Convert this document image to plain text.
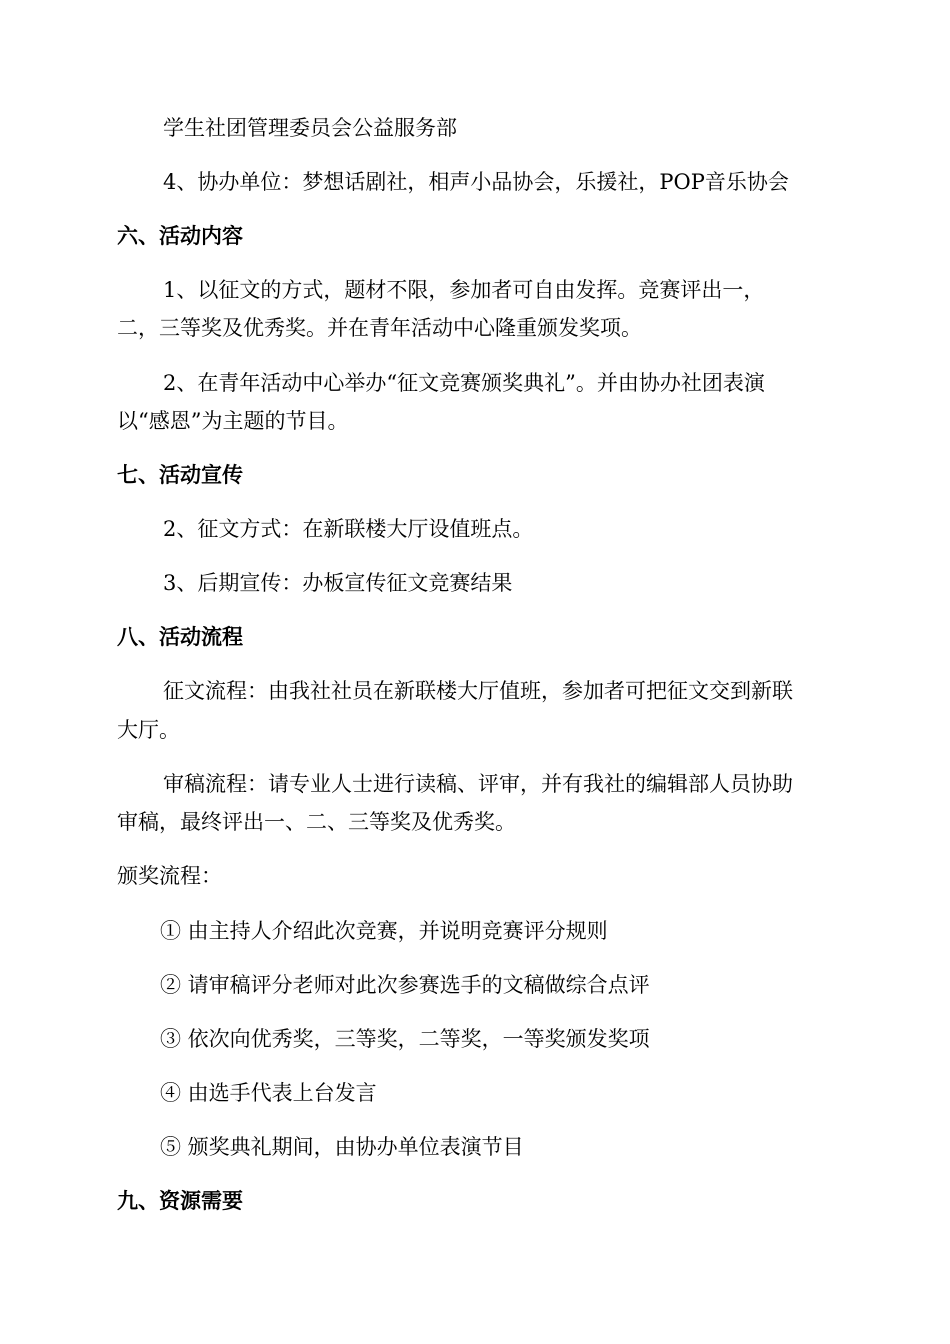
学生社团管理委员会公益服务部
4、协办单位：梦想话剧社，相声小品协会，乐援社，POP音乐协会
六、活动内容
1、以征文的方式，题材不限，参加者可自由发挥。竞赛评出一，
二，三等奖及优秀奖。并在青年活动中心隆重颁发奖项。
2、在青年活动中心举办“征文竞赛颁奖典礼”。并由协办社团表演
以“感恩”为主题的节目。
七、活动宣传
2、征文方式：在新联楼大厅设值班点。
3、后期宣传：办板宣传征文竞赛结果
八、活动流程
征文流程：由我社社员在新联楼大厅值班，参加者可把征文交到新联
大厅。
审稿流程：请专业人士进行读稿、评审，并有我社的编辑部人员协助
审稿，最终评出一、二、三等奖及优秀奖。
颁奖流程：
① 由主持人介绍此次竞赛，并说明竞赛评分规则
② 请审稿评分老师对此次参赛选手的文稿做综合点评
③ 依次向优秀奖，三等奖，二等奖，一等奖颁发奖项
④ 由选手代表上台发言
⑤ 颁奖典礼期间，由协办单位表演节目
九、资源需要
